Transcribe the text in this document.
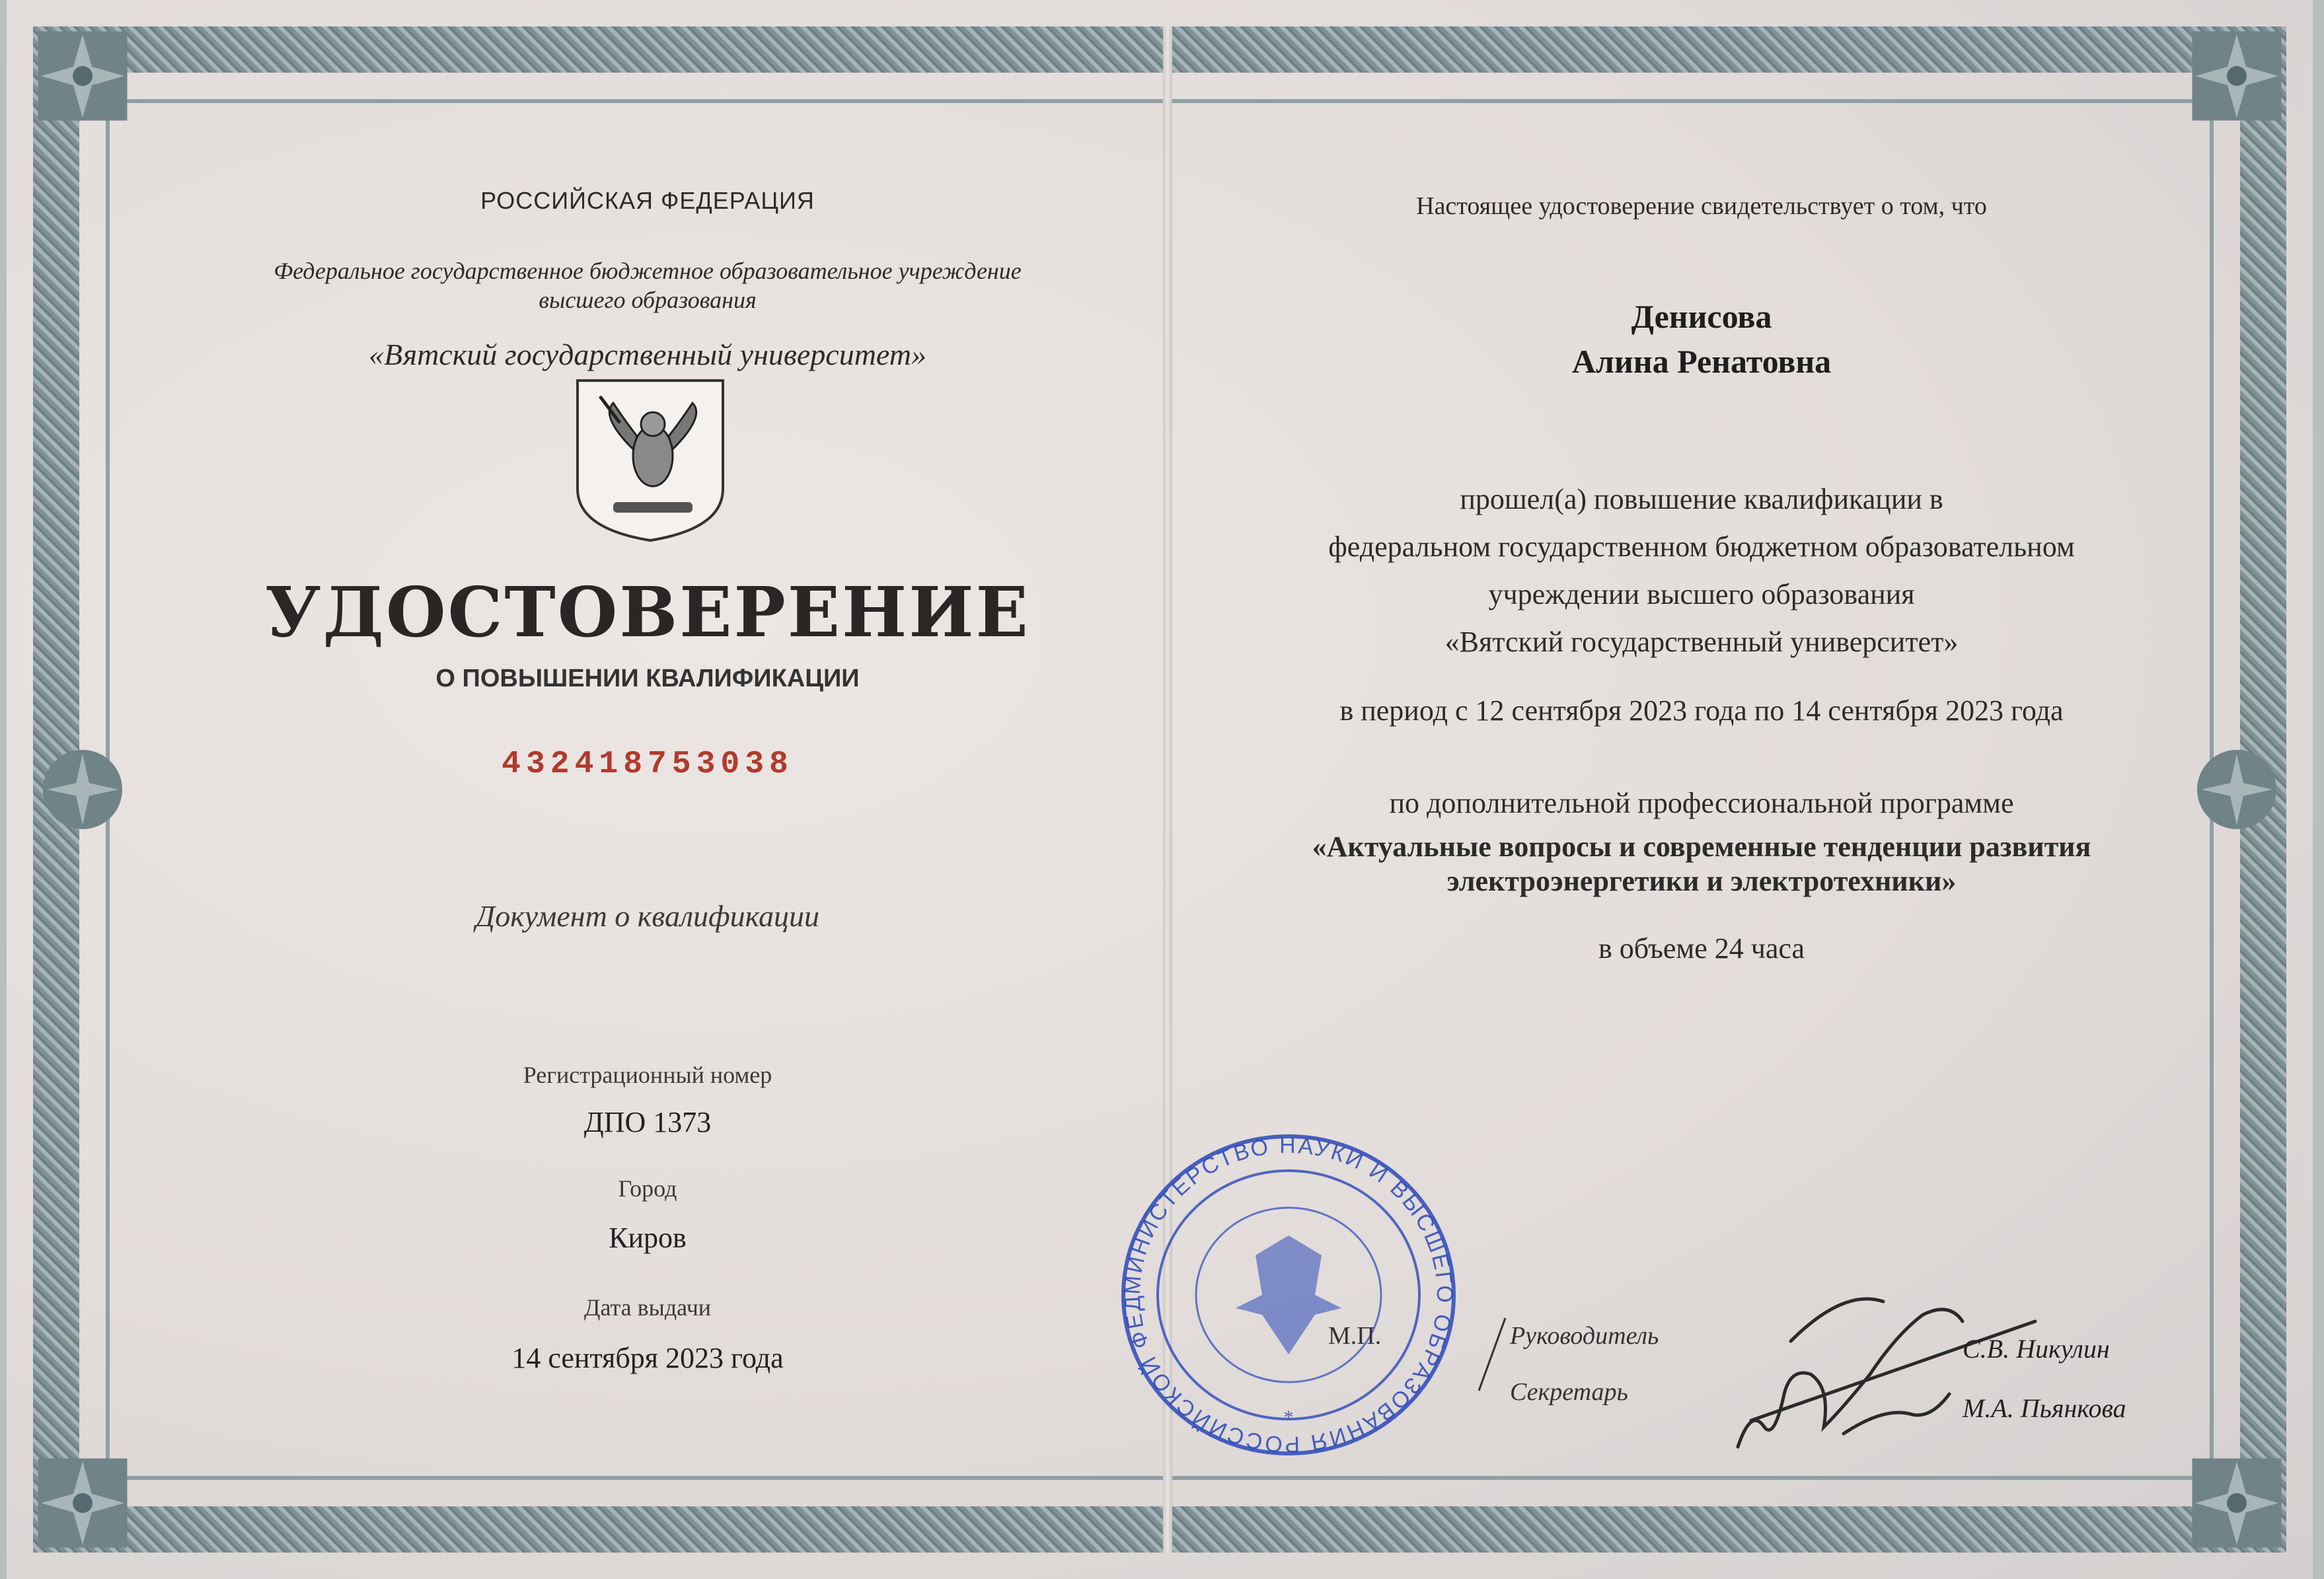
РОССИЙСКАЯ ФЕДЕРАЦИЯ
Федеральное государственное бюджетное образовательное учреждение
высшего образования
«Вятский государственный университет»
УДОСТОВЕРЕНИЕ
О ПОВЫШЕНИИ КВАЛИФИКАЦИИ
432418753038
Документ о квалификации
Регистрационный номер
ДПО 1373
Город
Киров
Дата выдачи
14 сентября 2023 года
Настоящее удостоверение свидетельствует о том, что
Денисова
Алина Ренатовна
прошел(а) повышение квалификации в
федеральном государственном бюджетном образовательном
учреждении высшего образования
«Вятский государственный университет»
в период с 12 сентября 2023 года по 14 сентября 2023 года
по дополнительной профессиональной программе
«Актуальные вопросы и современные тенденции развития
электроэнергетики и электротехники»
в объеме 24 часа
МИНИСТЕРСТВО НАУКИ И ВЫСШЕГО ОБРАЗОВАНИЯ РОССИЙСКОЙ ФЕД
*
М.П.	Руководитель
Секретарь
С.В. Никулин
М.А. Пьянкова
